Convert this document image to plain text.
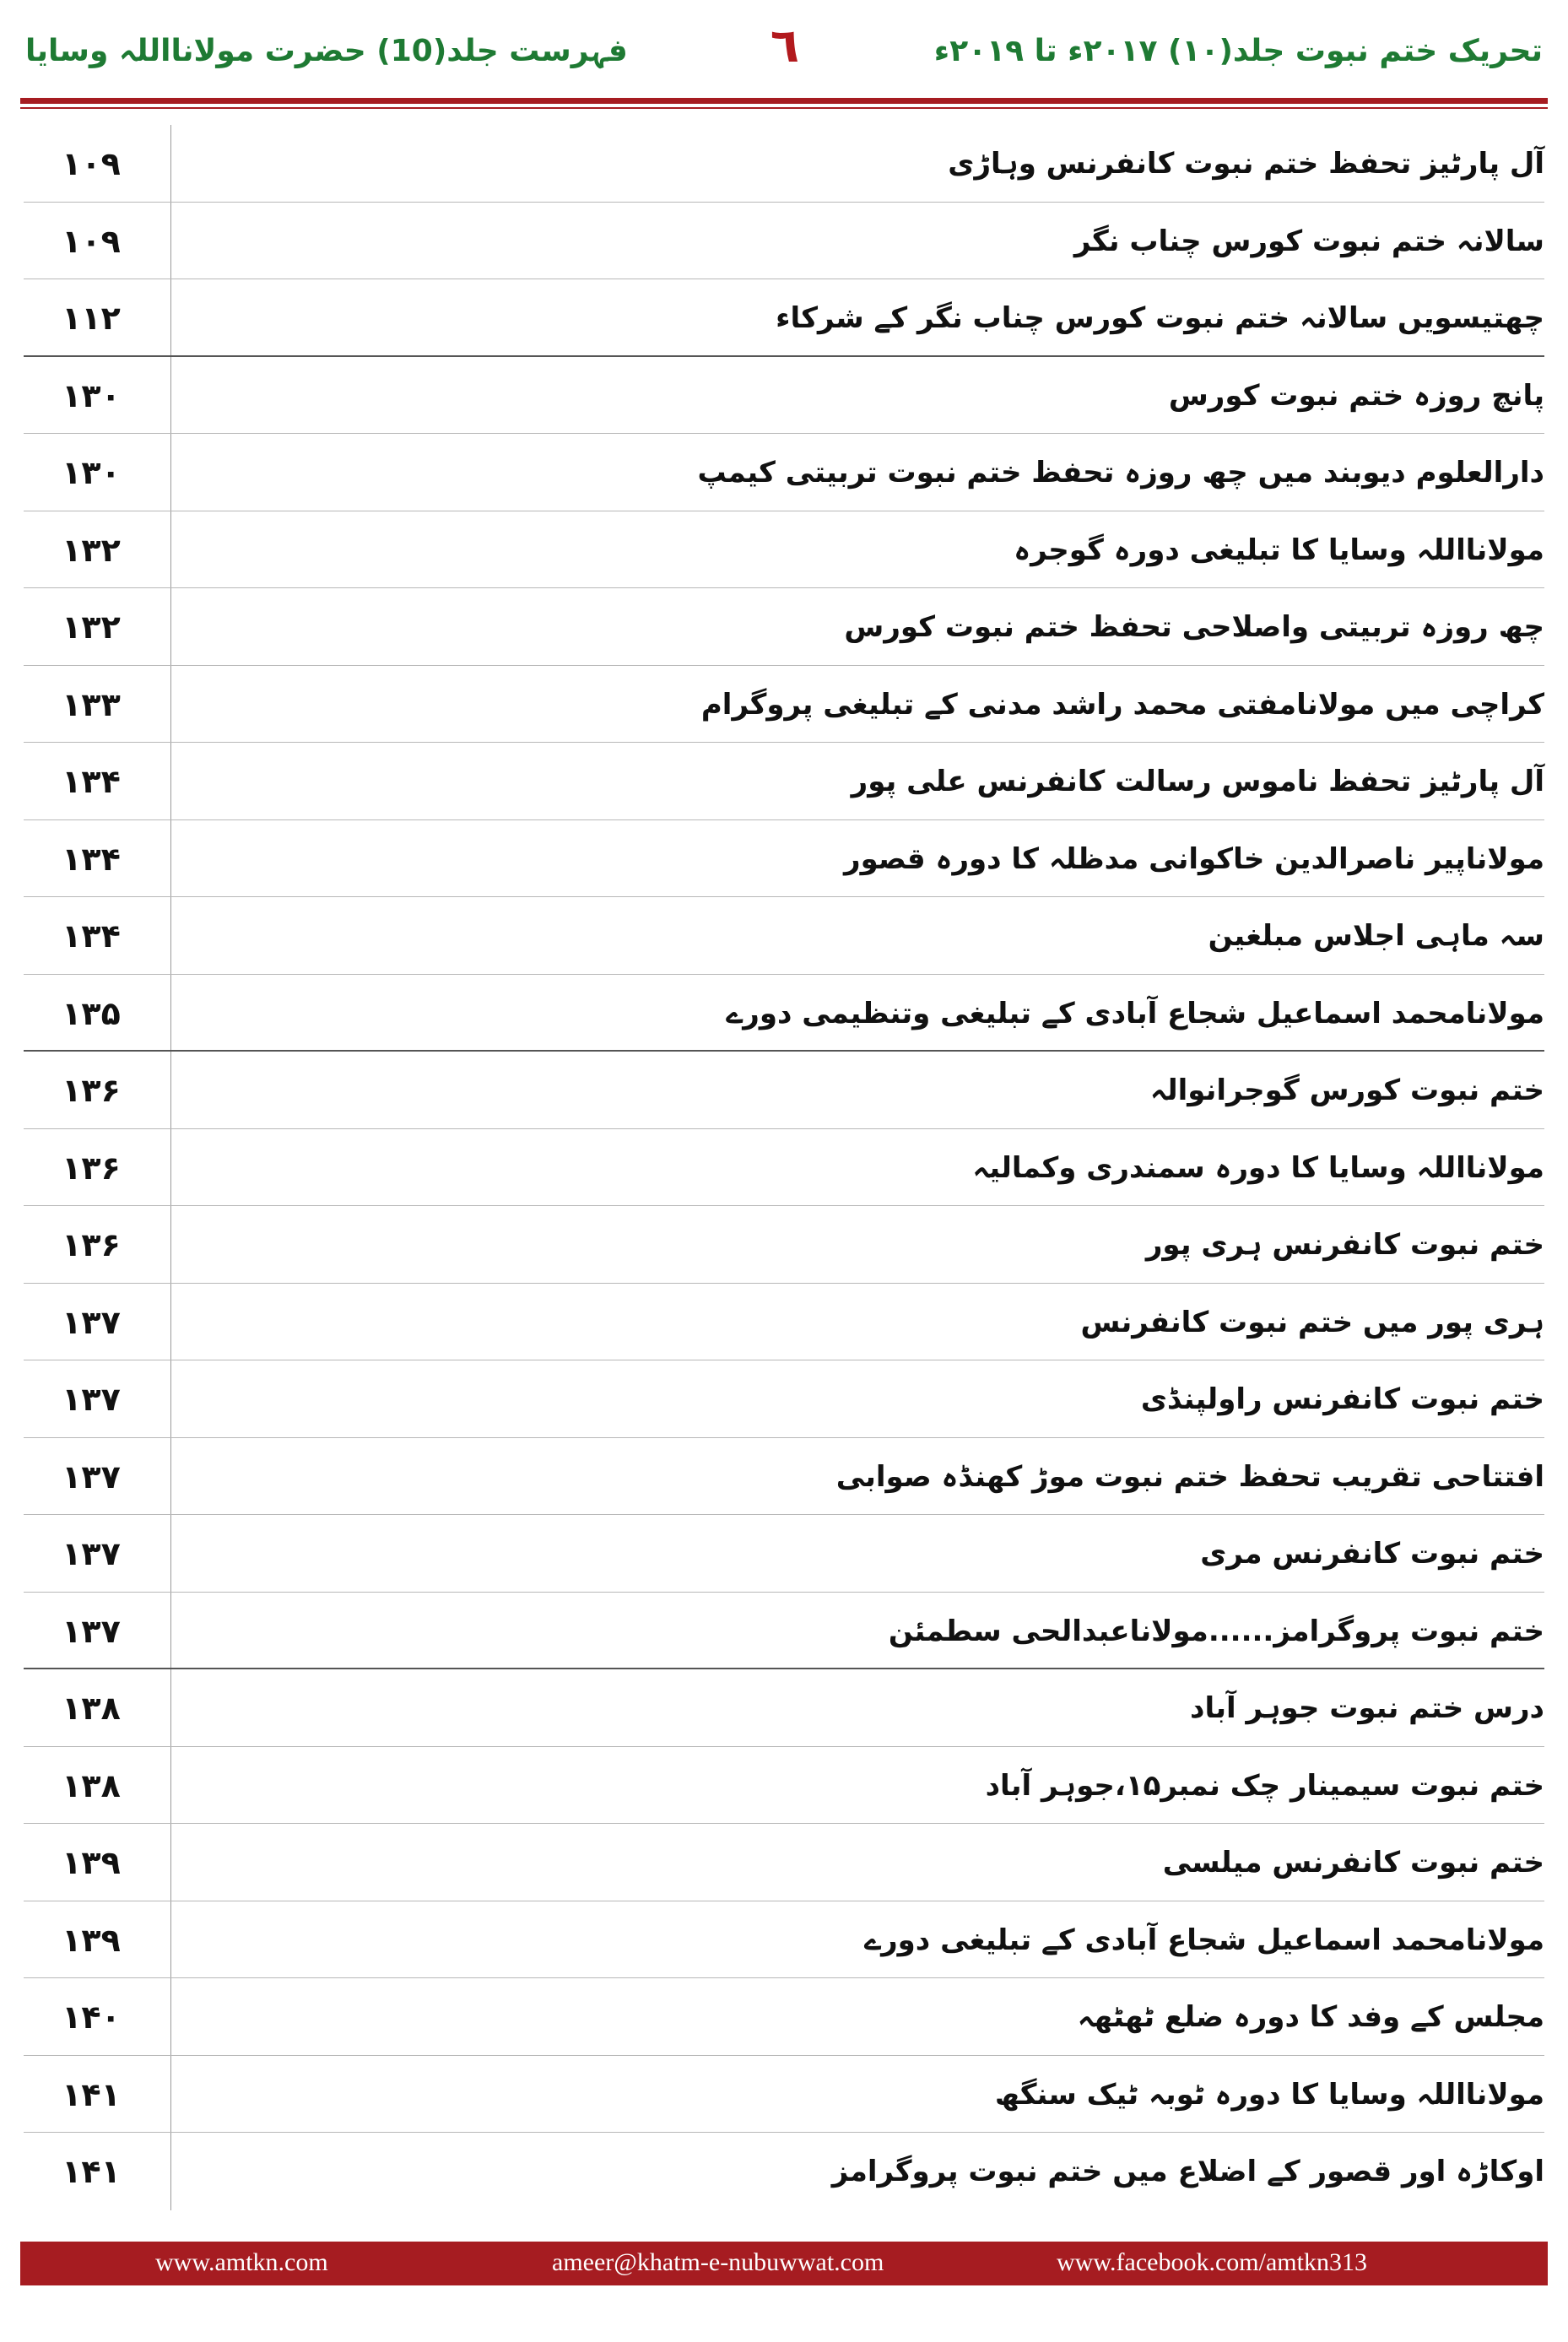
تحریک ختم نبوت جلد(۱۰) ۲۰۱۷ء تا ۲۰۱۹ء
٦
فہرست جلد(10) حضرت مولانااللہ وسایا
آل پارٹیز تحفظ ختم نبوت کانفرنس وہاڑی
۱۰۹
سالانہ ختم نبوت کورس چناب نگر
۱۰۹
چھتیسویں سالانہ ختم نبوت کورس چناب نگر کے شرکاء
۱۱۲
پانچ روزہ ختم نبوت کورس
۱۳۰
دارالعلوم دیوبند میں چھ روزہ تحفظ ختم نبوت تربیتی کیمپ
۱۳۰
مولانااللہ وسایا کا تبلیغی دورہ گوجرہ
۱۳۲
چھ روزہ تربیتی واصلاحی تحفظ ختم نبوت کورس
۱۳۲
کراچی میں مولانامفتی محمد راشد مدنی کے تبلیغی پروگرام
۱۳۳
آل پارٹیز تحفظ ناموس رسالت کانفرنس علی پور
۱۳۴
مولاناپیر ناصرالدین خاکوانی مدظلہ کا دورہ قصور
۱۳۴
سہ ماہی اجلاس مبلغین
۱۳۴
مولانامحمد اسماعیل شجاع آبادی کے تبلیغی وتنظیمی دورے
۱۳۵
ختم نبوت کورس گوجرانوالہ
۱۳۶
مولانااللہ وسایا کا دورہ سمندری وکمالیہ
۱۳۶
ختم نبوت کانفرنس ہری پور
۱۳۶
ہری پور میں ختم نبوت کانفرنس
۱۳۷
ختم نبوت کانفرنس راولپنڈی
۱۳۷
افتتاحی تقریب تحفظ ختم نبوت موڑ کھنڈہ صوابی
۱۳۷
ختم نبوت کانفرنس مری
۱۳۷
ختم نبوت پروگرامز......مولاناعبدالحی سطمئن
۱۳۷
درس ختم نبوت جوہر آباد
۱۳۸
ختم نبوت سیمینار چک نمبر۱۵،جوہر آباد
۱۳۸
ختم نبوت کانفرنس میلسی
۱۳۹
مولانامحمد اسماعیل شجاع آبادی کے تبلیغی دورے
۱۳۹
مجلس کے وفد کا دورہ ضلع ٹھٹھہ
۱۴۰
مولانااللہ وسایا کا دورہ ٹوبہ ٹیک سنگھ
۱۴۱
اوکاڑہ اور قصور کے اضلاع میں ختم نبوت پروگرامز
۱۴۱
www.amtkn.com	ameer@khatm-e-nubuwwat.com	www.facebook.com/amtkn313
